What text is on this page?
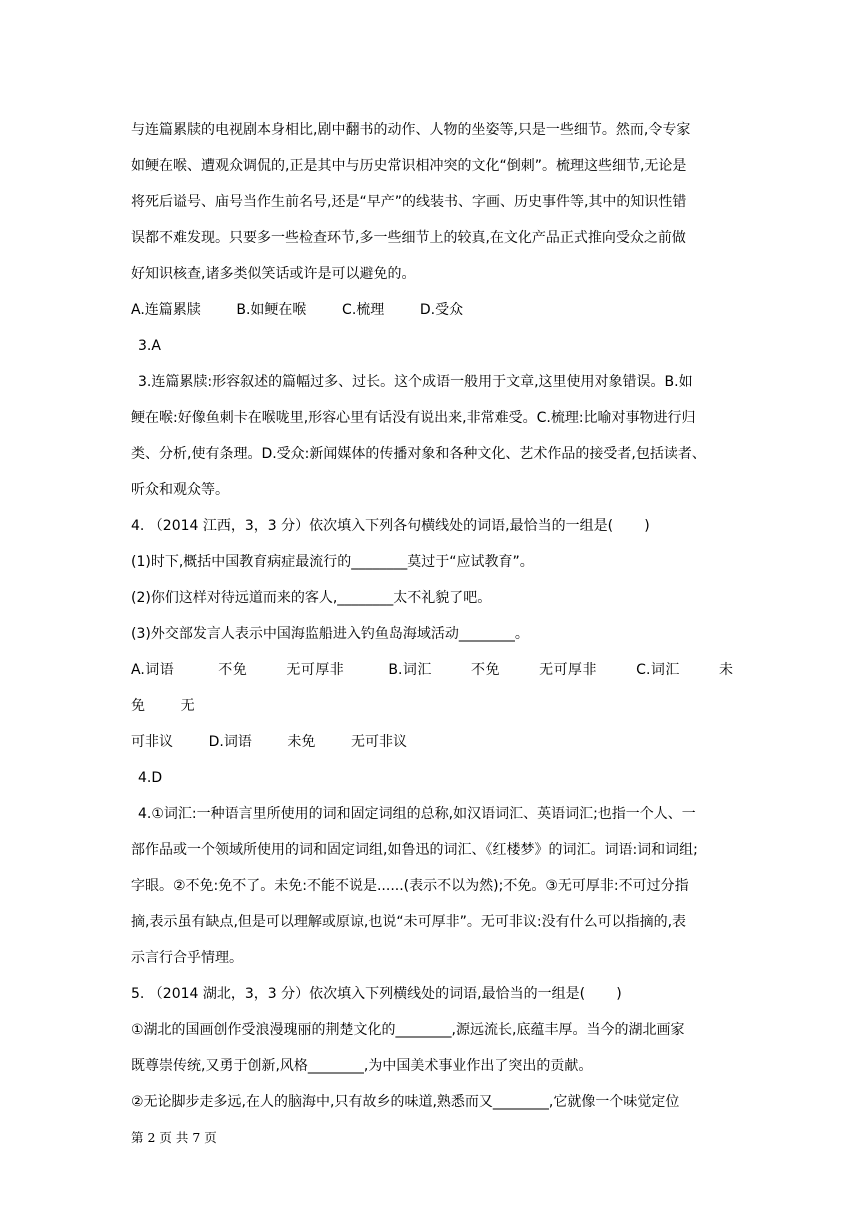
与连篇累牍的电视剧本身相比,剧中翻书的动作、人物的坐姿等,只是一些细节。然而,令专家

如鲠在喉、遭观众调侃的,正是其中与历史常识相冲突的文化“倒刺”。梳理这些细节,无论是

将死后谥号、庙号当作生前名号,还是“早产”的线装书、字画、历史事件等,其中的知识性错

误都不难发现。只要多一些检查环节,多一些细节上的较真,在文化产品正式推向受众之前做

好知识核查,诸多类似笑话或许是可以避免的。

A.连篇累牍        B.如鲠在喉        C.梳理        D.受众

3.A

3.连篇累牍:形容叙述的篇幅过多、过长。这个成语一般用于文章,这里使用对象错误。B.如

鲠在喉:好像鱼刺卡在喉咙里,形容心里有话没有说出来,非常难受。C.梳理:比喻对事物进行归

类、分析,使有条理。D.受众:新闻媒体的传播对象和各种文化、艺术作品的接受者,包括读者、

听众和观众等。

4. （2014 江西，3，3 分）依次填入下列各句横线处的词语,最恰当的一组是(       )

(1)时下,概括中国教育病症最流行的________莫过于“应试教育”。

(2)你们这样对待远道而来的客人,________太不礼貌了吧。

(3)外交部发言人表示中国海监船进入钓鱼岛海域活动________。

A.词语         不免        无可厚非         B.词汇        不免        无可厚非        C.词汇        未免        无

可非议        D.词语        未免        无可非议

4.D

4.①词汇:一种语言里所使用的词和固定词组的总称,如汉语词汇、英语词汇;也指一个人、一

部作品或一个领域所使用的词和固定词组,如鲁迅的词汇、《红楼梦》的词汇。词语:词和词组;

字眼。②不免:免不了。未免:不能不说是......(表示不以为然);不免。③无可厚非:不可过分指

摘,表示虽有缺点,但是可以理解或原谅,也说“未可厚非”。无可非议:没有什么可以指摘的,表

示言行合乎情理。

5. （2014 湖北，3，3 分）依次填入下列横线处的词语,最恰当的一组是(       )

①湖北的国画创作受浪漫瑰丽的荆楚文化的________,源远流长,底蕴丰厚。当今的湖北画家

既尊崇传统,又勇于创新,风格________,为中国美术事业作出了突出的贡献。

②无论脚步走多远,在人的脑海中,只有故乡的味道,熟悉而又________,它就像一个味觉定位

第 2 页 共 7 页
